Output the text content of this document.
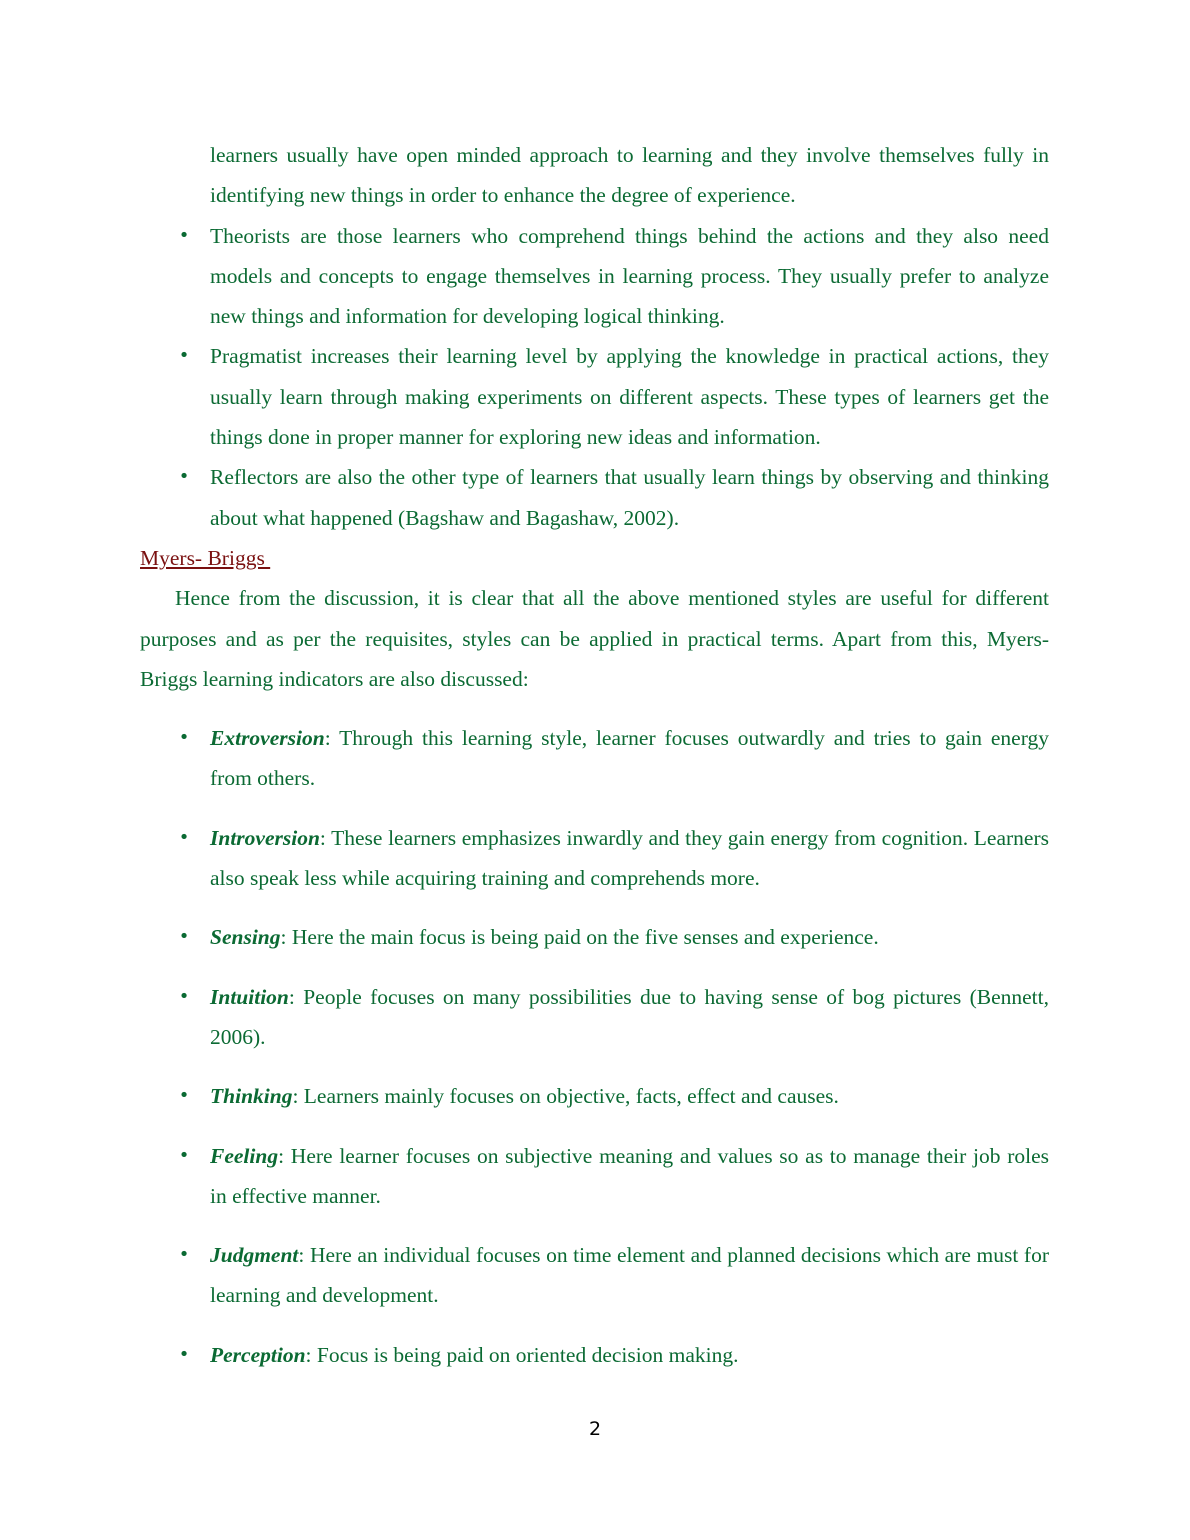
learners usually have open minded approach to learning and they involve themselves fully in identifying new things in order to enhance the degree of experience.

• Theorists are those learners who comprehend things behind the actions and they also need models and concepts to engage themselves in learning process. They usually prefer to analyze new things and information for developing logical thinking.
• Pragmatist increases their learning level by applying the knowledge in practical actions, they usually learn through making experiments on different aspects. These types of learners get the things done in proper manner for exploring new ideas and information.
• Reflectors are also the other type of learners that usually learn things by observing and thinking about what happened (Bagshaw and Bagashaw, 2002).

Myers- Briggs

Hence from the discussion, it is clear that all the above mentioned styles are useful for different purposes and as per the requisites, styles can be applied in practical terms. Apart from this, Myers- Briggs learning indicators are also discussed:

• Extroversion: Through this learning style, learner focuses outwardly and tries to gain energy from others.
• Introversion: These learners emphasizes inwardly and they gain energy from cognition. Learners also speak less while acquiring training and comprehends more.
• Sensing: Here the main focus is being paid on the five senses and experience.
• Intuition: People focuses on many possibilities due to having sense of bog pictures (Bennett, 2006).
• Thinking: Learners mainly focuses on objective, facts, effect and causes.
• Feeling: Here learner focuses on subjective meaning and values so as to manage their job roles in effective manner.
• Judgment: Here an individual focuses on time element and planned decisions which are must for learning and development.
• Perception: Focus is being paid on oriented decision making.
2
